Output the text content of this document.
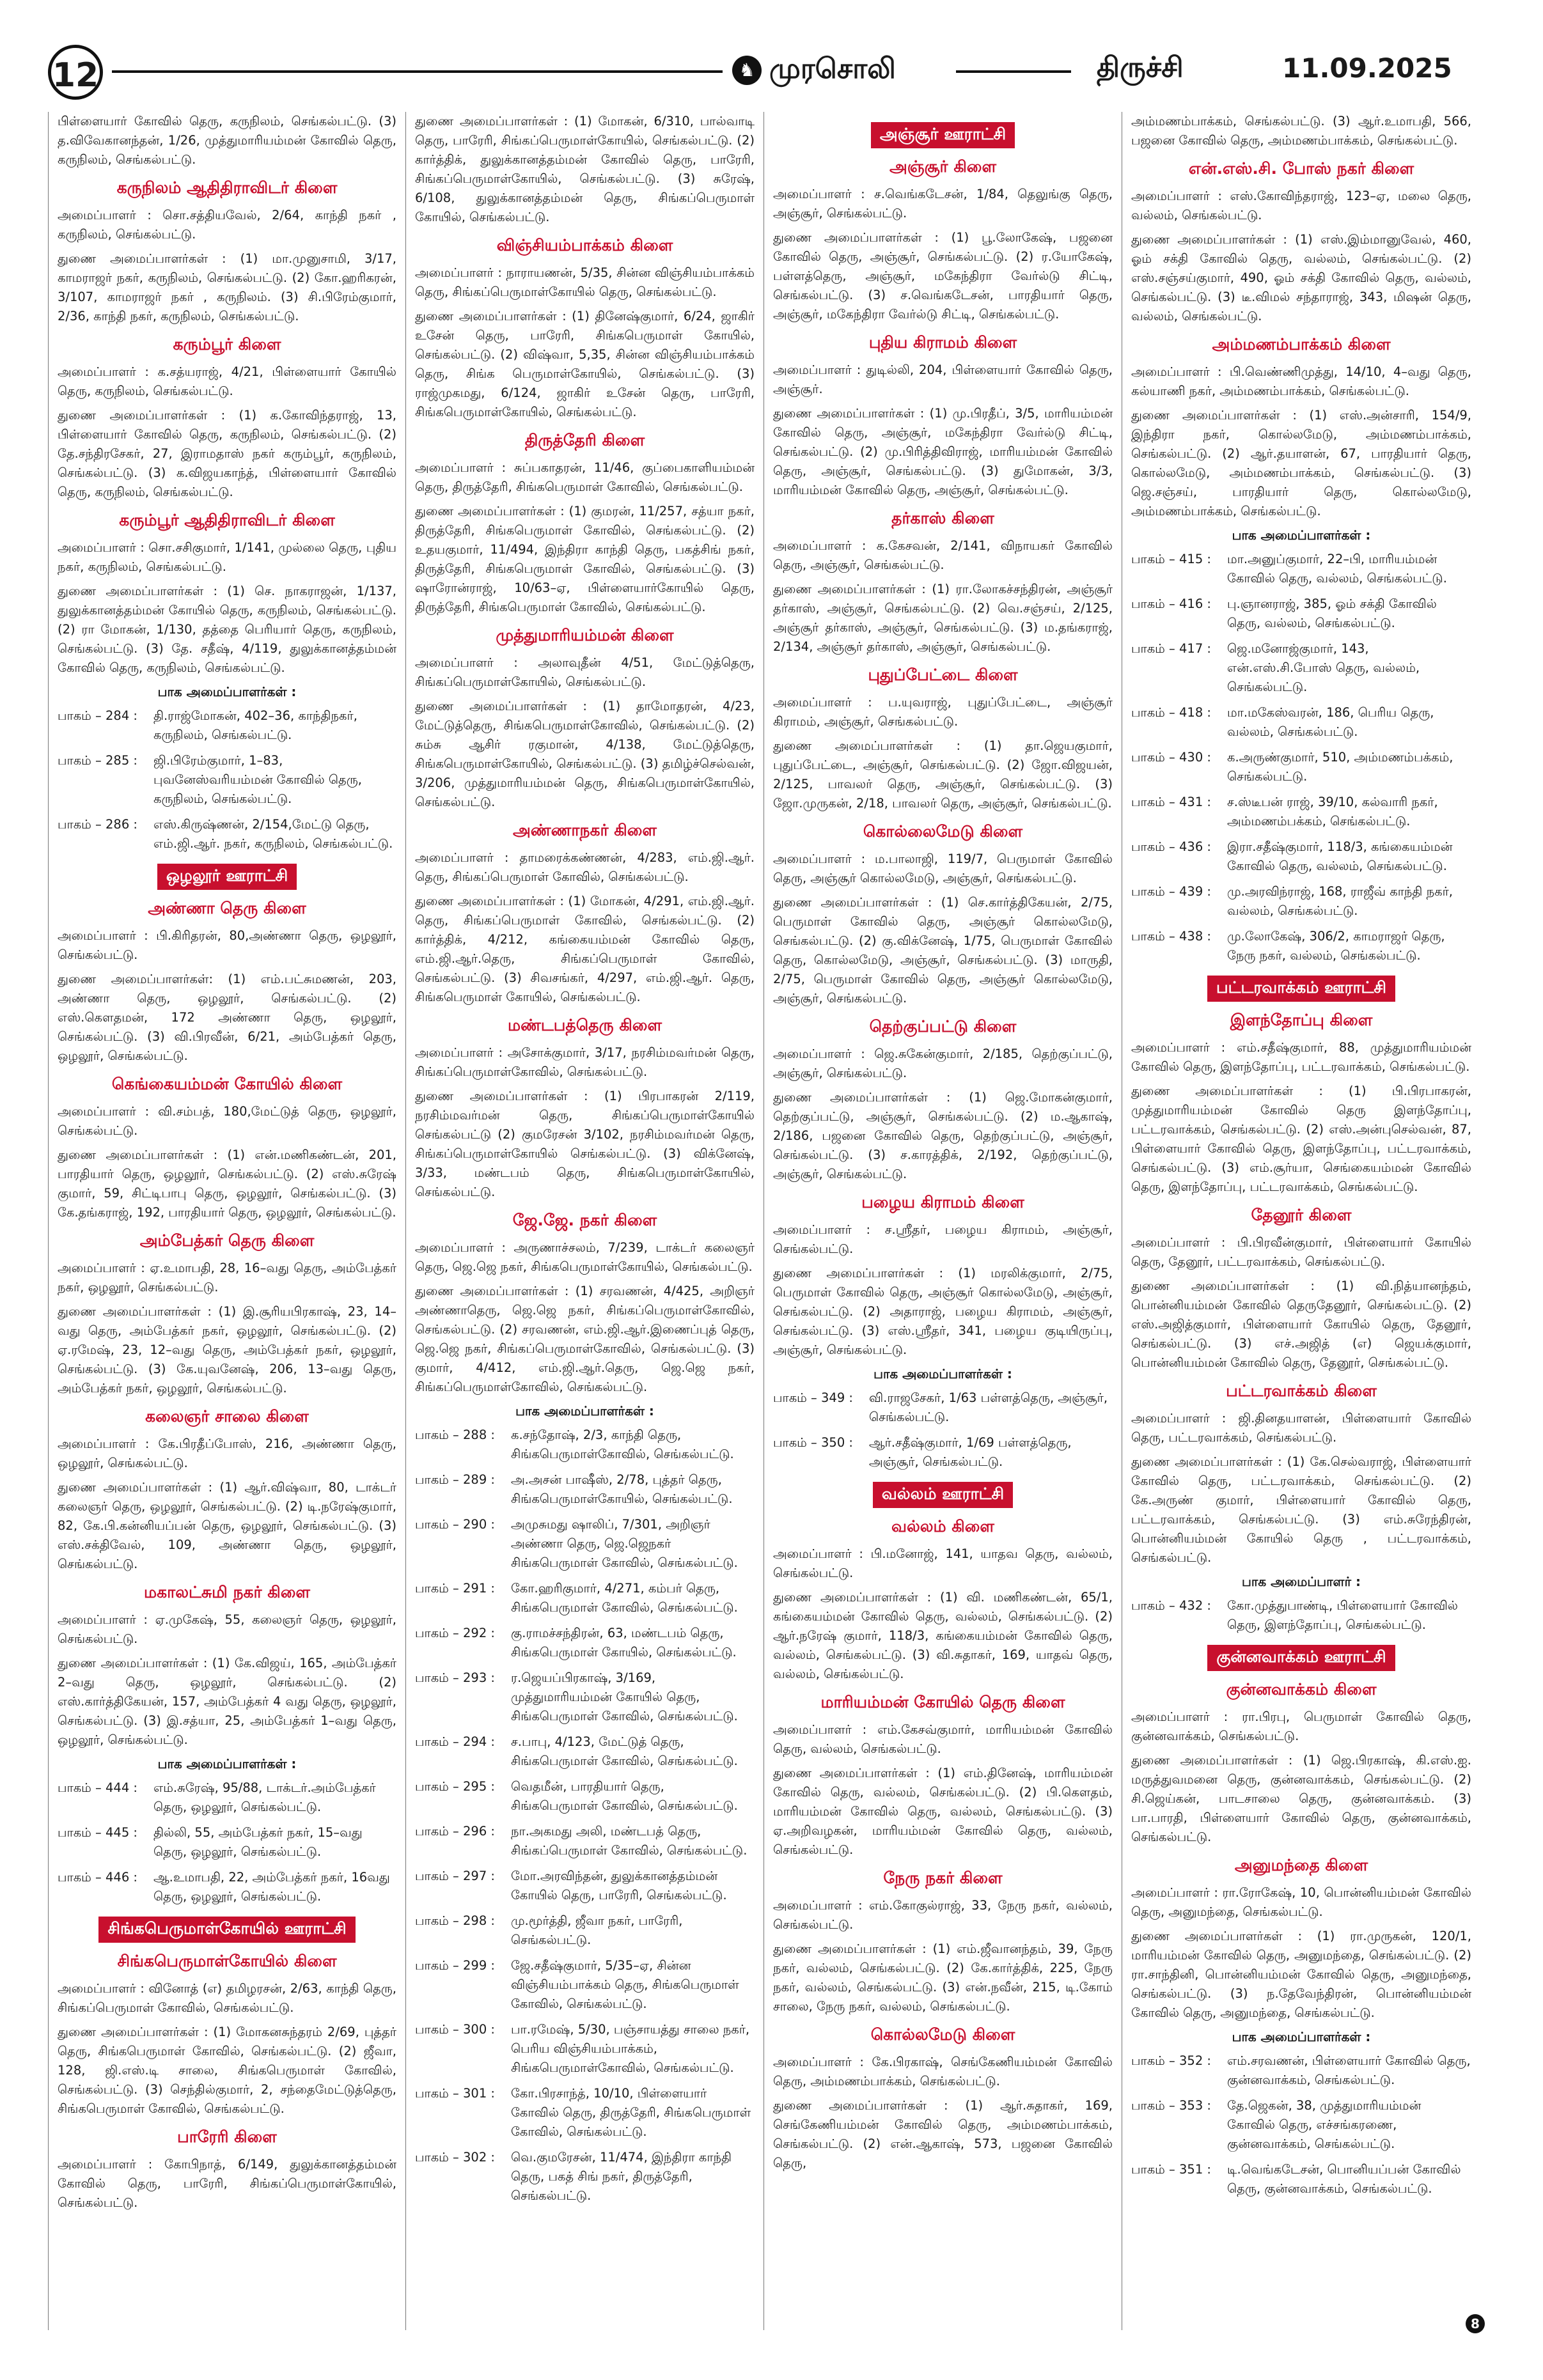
12	♞ முரசொலி	திருச்சி	11.09.2025

பிள்ளையார் கோவில் தெரு, கருநிலம், செங்கல்பட்டு. (3) த.விவேகானந்தன், 1/26, முத்துமாரியம்மன் கோவில் தெரு, கருநிலம், செங்கல்பட்டு.

கருநிலம் ஆதிதிராவிடர் கிளை

அமைப்பாளர் : சொ.சத்தியவேல், 2/64, காந்தி நகர் , கருநிலம், செங்கல்பட்டு.

துணை அமைப்பாளர்கள் : (1) மா.முனுசாமி, 3/17, காமராஜர் நகர், கருநிலம், செங்கல்பட்டு. (2) கோ.ஹரிகரன், 3/107, காமராஜர் நகர் , கருநிலம். (3) சி.பிரேம்குமார், 2/36, காந்தி நகர், கருநிலம், செங்கல்பட்டு.

கரும்பூர் கிளை

அமைப்பாளர் : க.சத்யராஜ், 4/21, பிள்ளையார் கோயில் தெரு, கருநிலம், செங்கல்பட்டு.

துணை அமைப்பாளர்கள் : (1) க.கோவிந்தராஜ், 13, பிள்ளையார் கோவில் தெரு, கருநிலம், செங்கல்பட்டு. (2) தே.சந்திரசேகர், 27, இராமதாஸ் நகர் கரும்பூர், கருநிலம், செங்கல்பட்டு. (3) க.விஜயகாந்த், பிள்ளையார் கோவில் தெரு, கருநிலம், செங்கல்பட்டு.

கரும்பூர் ஆதிதிராவிடர் கிளை

அமைப்பாளர் : சொ.சசிகுமார், 1/141, முல்லை தெரு, புதிய நகர், கருநிலம், செங்கல்பட்டு.

துணை அமைப்பாளர்கள் : (1) செ. நாகராஜன், 1/137, துலுக்கானத்தம்மன் கோயில் தெரு, கருநிலம், செங்கல்பட்டு. (2) ரா மோகன், 1/130, தத்தை பெரியார் தெரு, கருநிலம், செங்கல்பட்டு. (3) தே. சதீஷ், 4/119, துலுக்கானத்தம்மன் கோவில் தெரு, கருநிலம், செங்கல்பட்டு.

பாக அமைப்பாளர்கள் :
பாகம் – 284 :	தி.ராஜ்மோகன், 402–36, காந்திநகர், கருநிலம், செங்கல்பட்டு.
பாகம் – 285 :	ஜி.பிரேம்குமார், 1–83, புவனேஸ்வரியம்மன் கோவில் தெரு, கருநிலம், செங்கல்பட்டு.
பாகம் – 286 :	எஸ்.கிருஷ்ணன், 2/154,மேட்டு தெரு, எம்.ஜி.ஆர். நகர், கருநிலம், செங்கல்பட்டு.
ஒழலூர் ஊராட்சி
அண்ணா தெரு கிளை

அமைப்பாளர் : பி.கிரிதரன், 80,அண்ணா தெரு, ஒழலூர், செங்கல்பட்டு.

துணை அமைப்பாளர்கள்: (1) எம்.பட்சுமணன், 203, அண்ணா தெரு, ஒழலூர், செங்கல்பட்டு. (2) எஸ்.கௌதமன், 172 அண்ணா தெரு, ஒழலூர், செங்கல்பட்டு. (3) வி.பிரவீன், 6/21, அம்பேத்கர் தெரு, ஒழலூர், செங்கல்பட்டு.

கெங்கையம்மன் கோயில் கிளை

அமைப்பாளர் : வி.சம்பத், 180,மேட்டுத் தெரு, ஒழலூர், செங்கல்பட்டு.

துணை அமைப்பாளர்கள் : (1) என்.மணிகண்டன், 201, பாரதியார் தெரு, ஒழலூர், செங்கல்பட்டு. (2) எஸ்.சுரேஷ் குமார், 59, சிட்டிபாபு தெரு, ஒழலூர், செங்கல்பட்டு. (3) கே.தங்கராஜ், 192, பாரதியார் தெரு, ஒழலூர், செங்கல்பட்டு.

அம்பேத்கர் தெரு கிளை

அமைப்பாளர் : ஏ.உமாபதி, 28, 16–வது தெரு, அம்பேத்கர் நகர், ஒழலூர், செங்கல்பட்டு.

துணை அமைப்பாளர்கள் : (1) இ.சூரியபிரகாஷ், 23, 14–வது தெரு, அம்பேத்கர் நகர், ஒழலூர், செங்கல்பட்டு. (2) ஏ.ரமேஷ், 23, 12–வது தெரு, அம்பேத்கர் நகர், ஒழலூர், செங்கல்பட்டு. (3) கே.யுவனேஷ், 206, 13–வது தெரு, அம்பேத்கர் நகர், ஒழலூர், செங்கல்பட்டு.

கலைஞர் சாலை கிளை

அமைப்பாளர் : கே.பிரதீப்போஸ், 216, அண்ணா தெரு, ஒழலூர், செங்கல்பட்டு.

துணை அமைப்பாளர்கள் : (1) ஆர்.விஷ்வா, 80, டாக்டர் கலைஞர் தெரு, ஒழலூர், செங்கல்பட்டு. (2) டி.நரேஷ்குமார், 82, கே.பி.கன்னியப்பன் தெரு, ஒழலூர், செங்கல்பட்டு. (3) எஸ்.சக்திவேல், 109, அண்ணா தெரு, ஒழலூர், செங்கல்பட்டு.

மகாலட்சுமி நகர் கிளை

அமைப்பாளர் : ஏ.முகேஷ், 55, கலைஞர் தெரு, ஒழலூர், செங்கல்பட்டு.

துணை அமைப்பாளர்கள் : (1) கே.விஜய், 165, அம்பேத்கர் 2–வது தெரு, ஒழலூர், செங்கல்பட்டு. (2) எஸ்.கார்த்திகேயன், 157, அம்பேத்கர் 4 வது தெரு, ஒழலூர், செங்கல்பட்டு. (3) இ.சத்யா, 25, அம்பேத்கர் 1–வது தெரு, ஒழலூர், செங்கல்பட்டு.

பாக அமைப்பாளர்கள் :
பாகம் – 444 :	எம்.சுரேஷ், 95/88, டாக்டர்.அம்பேத்கர் தெரு, ஒழலூர், செங்கல்பட்டு.
பாகம் – 445 :	தில்லி, 55, அம்பேத்கர் நகர், 15–வது தெரு, ஒழலூர், செங்கல்பட்டு.
பாகம் – 446 :	ஆ.உமாபதி, 22, அம்பேத்கர் நகர், 16வது தெரு, ஒழலூர், செங்கல்பட்டு.
சிங்கபெருமாள்கோயில் ஊராட்சி
சிங்கபெருமாள்கோயில் கிளை

அமைப்பாளர் : வினோத் (எ) தமிழரசன், 2/63, காந்தி தெரு, சிங்கப்பெருமாள் கோவில், செங்கல்பட்டு.

துணை அமைப்பாளர்கள் : (1) மோகனசுந்தரம் 2/69, புத்தர் தெரு, சிங்கபெருமாள் கோவில், செங்கல்பட்டு. (2) ஜீவா, 128, ஜி.எஸ்.டி சாலை, சிங்கபெருமாள் கோவில், செங்கல்பட்டு. (3) செந்தில்குமார், 2, சந்தைமேட்டுத்தெரு, சிங்கபெருமாள் கோவில், செங்கல்பட்டு.

பாரேரி கிளை

அமைப்பாளர் : கோபிநாத், 6/149, துலுக்கானத்தம்மன் கோவில் தெரு, பாரேரி, சிங்கப்பெருமாள்கோயில், செங்கல்பட்டு.

துணை அமைப்பாளர்கள் : (1) மோகன், 6/310, பால்வாடி தெரு, பாரேரி, சிங்கப்பெருமாள்கோயில், செங்கல்பட்டு. (2) கார்த்திக், துலுக்கானத்தம்மன் கோவில் தெரு, பாரேரி, சிங்கப்பெருமாள்கோயில், செங்கல்பட்டு. (3) சுரேஷ், 6/108, துலுக்கானத்தம்மன் தெரு, சிங்கப்பெருமாள் கோயில், செங்கல்பட்டு.

விஞ்சியம்பாக்கம் கிளை

அமைப்பாளர் : நாராயணன், 5/35, சின்ன விஞ்சியம்பாக்கம் தெரு, சிங்கப்பெருமாள்கோயில் தெரு, செங்கல்பட்டு.

துணை அமைப்பாளர்கள் : (1) தினேஷ்குமார், 6/24, ஜாகிர் உசேன் தெரு, பாரேரி, சிங்கபெருமாள் கோயில், செங்கல்பட்டு. (2) விஷ்வா, 5,35, சின்ன விஞ்சியம்பாக்கம் தெரு, சிங்க பெருமாள்கோயில், செங்கல்பட்டு. (3) ராஜ்முகமது, 6/124, ஜாகிர் உசேன் தெரு, பாரேரி, சிங்கபெருமாள்கோயில், செங்கல்பட்டு.

திருத்தேரி கிளை

அமைப்பாளர் : சுப்பகாதரன், 11/46, குப்பைகாளியம்மன் தெரு, திருத்தேரி, சிங்கபெருமாள் கோவில், செங்கல்பட்டு.

துணை அமைப்பாளர்கள் : (1) குமரன், 11/257, சத்யா நகர், திருத்தேரி, சிங்கபெருமாள் கோவில், செங்கல்பட்டு. (2) உதயகுமார், 11/494, இந்திரா காந்தி தெரு, பகத்சிங் நகர், திருத்தேரி, சிங்கபெருமாள் கோவில், செங்கல்பட்டு. (3) ஷாரோன்ராஜ், 10/63–ஏ, பிள்ளையார்கோயில் தெரு, திருத்தேரி, சிங்கபெருமாள் கோவில், செங்கல்பட்டு.

முத்துமாரியம்மன் கிளை

அமைப்பாளர் : அலாவுதீன் 4/51, மேட்டுத்தெரு, சிங்கப்பெருமாள்கோயில், செங்கல்பட்டு.

துணை அமைப்பாளர்கள் : (1) தாமோதரன், 4/23, மேட்டுத்தெரு, சிங்கபெருமாள்கோவில், செங்கல்பட்டு. (2) சும்சு ஆசிர் ரகுமான், 4/138, மேட்டுத்தெரு, சிங்கபெருமாள்கோயில், செங்கல்பட்டு. (3) தமிழ்ச்செல்வன், 3/206, முத்துமாரியம்மன் தெரு, சிங்கபெருமாள்கோயில், செங்கல்பட்டு.

அண்ணாநகர் கிளை

அமைப்பாளர் : தாமரைக்கண்ணன், 4/283, எம்.ஜி.ஆர். தெரு, சிங்கப்பெருமாள் கோவில், செங்கல்பட்டு.

துணை அமைப்பாளர்கள் : (1) மோகன், 4/291, எம்.ஜி.ஆர். தெரு, சிங்கப்பெருமாள் கோவில், செங்கல்பட்டு. (2) கார்த்திக், 4/212, கங்கையம்மன் கோவில் தெரு, எம்.ஜி.ஆர்.தெரு, சிங்கப்பெருமாள் கோவில், செங்கல்பட்டு. (3) சிவசங்கர், 4/297, எம்.ஜி.ஆர். தெரு, சிங்கபெருமாள் கோயில், செங்கல்பட்டு.

மண்டபத்தெரு கிளை

அமைப்பாளர் : அசோக்குமார், 3/17, நரசிம்மவர்மன் தெரு, சிங்கப்பெருமாள்கோவில், செங்கல்பட்டு.

துணை அமைப்பாளர்கள் : (1) பிரபாகரன் 2/119, நரசிம்மவர்மன் தெரு, சிங்கப்பெருமாள்கோயில் செங்கல்பட்டு (2) குமரேசன் 3/102, நரசிம்மவர்மன் தெரு, சிங்கப்பெருமாள்கோயில் செங்கல்பட்டு. (3) விக்னேஷ், 3/33, மண்டபம் தெரு, சிங்கபெருமாள்கோயில், செங்கல்பட்டு.

ஜே.ஜே. நகர் கிளை

அமைப்பாளர் : அருணாச்சலம், 7/239, டாக்டர் கலைஞர் தெரு, ஜெ.ஜெ நகர், சிங்கபெருமாள்கோயில், செங்கல்பட்டு.

துணை அமைப்பாளர்கள் : (1) சரவணன், 4/425, அறிஞர் அண்ணாதெரு, ஜெ.ஜெ நகர், சிங்கப்பெருமாள்கோவில், செங்கல்பட்டு. (2) சரவணன், எம்.ஜி.ஆர்.இணைப்புத் தெரு, ஜெ.ஜெ நகர், சிங்கப்பெருமாள்கோவில், செங்கல்பட்டு. (3) குமார், 4/412, எம்.ஜி.ஆர்.தெரு, ஜெ.ஜெ நகர், சிங்கப்பெருமாள்கோவில், செங்கல்பட்டு.

பாக அமைப்பாளர்கள் :
பாகம் – 288 :	க.சந்தோஷ், 2/3, காந்தி தெரு, சிங்கபெருமாள்கோவில், செங்கல்பட்டு.
பாகம் – 289 :	அ.அசன் பாஷீஸ், 2/78, புத்தர் தெரு, சிங்கபெருமாள்கோயில், செங்கல்பட்டு.
பாகம் – 290 :	அமுசுமது ஷாலிப், 7/301, அறிஞர் அண்ணா தெரு, ஜெ.ஜெநகர் சிங்கபெருமாள் கோவில், செங்கல்பட்டு.
பாகம் – 291 :	கோ.ஹரிகுமார், 4/271, கம்பர் தெரு, சிங்கபெருமாள் கோவில், செங்கல்பட்டு.
பாகம் – 292 :	கு.ராமச்சந்திரன், 63, மண்டபம் தெரு, சிங்கபெருமாள் கோயில், செங்கல்பட்டு.
பாகம் – 293 :	ர.ஜெயப்பிரகாஷ், 3/169, முத்துமாரியம்மன் கோயில் தெரு, சிங்கபெருமாள் கோவில், செங்கல்பட்டு.
பாகம் – 294 :	ச.பாபு, 4/123, மேட்டுத் தெரு, சிங்கபெருமாள் கோவில், செங்கல்பட்டு.
பாகம் – 295 :	வெதமீன், பாரதியார் தெரு, சிங்கபெருமாள் கோவில், செங்கல்பட்டு.
பாகம் – 296 :	நா.அகமது அலி, மண்டபத் தெரு, சிங்கப்பெருமாள் கோவில், செங்கல்பட்டு.
பாகம் – 297 :	மோ.அரவிந்தன், துலுக்கானத்தம்மன் கோயில் தெரு, பாரேரி, செங்கல்பட்டு.
பாகம் – 298 :	மு.மூர்த்தி, ஜீவா நகர், பாரேரி, செங்கல்பட்டு.
பாகம் – 299 :	ஜே.சதீஷ்குமார், 5/35–ஏ, சின்ன விஞ்சியம்பாக்கம் தெரு, சிங்கபெருமாள் கோவில், செங்கல்பட்டு.
பாகம் – 300 :	பா.ரமேஷ், 5/30, பஞ்சாயத்து சாலை நகர், பெரிய விஞ்சியம்பாக்கம், சிங்கபெருமாள்கோவில், செங்கல்பட்டு.
பாகம் – 301 :	கோ.பிரசாந்த், 10/10, பிள்ளையார் கோவில் தெரு, திருத்தேரி, சிங்கபெருமாள் கோவில், செங்கல்பட்டு.
பாகம் – 302 :	வெ.குமரேசன், 11/474, இந்திரா காந்தி தெரு, பகத் சிங் நகர், திருத்தேரி, செங்கல்பட்டு.
அஞ்சூர் ஊராட்சி
அஞ்சூர் கிளை

அமைப்பாளர் : ச.வெங்கடேசன், 1/84, தெலுங்கு தெரு, அஞ்சூர், செங்கல்பட்டு.

துணை அமைப்பாளர்கள் : (1) பூ.லோகேஷ், பஜனை கோவில் தெரு, அஞ்சூர், செங்கல்பட்டு. (2) ர.யோகேஷ், பள்ளத்தெரு, அஞ்சூர், மகேந்திரா வேர்ல்டு சிட்டி, செங்கல்பட்டு. (3) ச.வெங்கடேசன், பாரதியார் தெரு, அஞ்சூர், மகேந்திரா வேர்ல்டு சிட்டி, செங்கல்பட்டு.

புதிய கிராமம் கிளை

அமைப்பாளர் : துடில்லி, 204, பிள்ளையார் கோவில் தெரு, அஞ்சூர்.

துணை அமைப்பாளர்கள் : (1) மு.பிரதீப், 3/5, மாரியம்மன் கோவில் தெரு, அஞ்சூர், மகேந்திரா வேர்ல்டு சிட்டி, செங்கல்பட்டு. (2) மு.பிரித்திவிராஜ், மாரியம்மன் கோவில் தெரு, அஞ்சூர், செங்கல்பட்டு. (3) துமோகன், 3/3, மாரியம்மன் கோவில் தெரு, அஞ்சூர், செங்கல்பட்டு.

தர்காஸ் கிளை

அமைப்பாளர் : க.கேசவன், 2/141, விநாயகர் கோவில் தெரு, அஞ்சூர், செங்கல்பட்டு.

துணை அமைப்பாளர்கள் : (1) ரா.லோகச்சந்திரன், அஞ்சூர் தர்காஸ், அஞ்சூர், செங்கல்பட்டு. (2) வெ.சஞ்சய், 2/125, அஞ்சூர் தர்காஸ், அஞ்சூர், செங்கல்பட்டு. (3) ம.தங்கராஜ், 2/134, அஞ்சூர் தர்காஸ், அஞ்சூர், செங்கல்பட்டு.

புதுப்பேட்டை கிளை

அமைப்பாளர் : ப.யுவராஜ், புதுப்பேட்டை, அஞ்சூர் கிராமம், அஞ்சூர், செங்கல்பட்டு.

துணை அமைப்பாளர்கள் : (1) தா.ஜெயகுமார், புதுப்பேட்டை, அஞ்சூர், செங்கல்பட்டு. (2) ஜோ.விஜயன், 2/125, பாவலர் தெரு, அஞ்சூர், செங்கல்பட்டு. (3) ஜோ.முருகன், 2/18, பாவலர் தெரு, அஞ்சூர், செங்கல்பட்டு.

கொல்லைமேடு கிளை

அமைப்பாளர் : ம.பாலாஜி, 119/7, பெருமாள் கோவில் தெரு, அஞ்சூர் கொல்லமேடு, அஞ்சூர், செங்கல்பட்டு.

துணை அமைப்பாளர்கள் : (1) செ.கார்த்திகேயன், 2/75, பெருமாள் கோவில் தெரு, அஞ்சூர் கொல்லமேடு, செங்கல்பட்டு. (2) கு.விக்னேஷ், 1/75, பெருமாள் கோவில் தெரு, கொல்லமேடு, அஞ்சூர், செங்கல்பட்டு. (3) மாருதி, 2/75, பெருமாள் கோவில் தெரு, அஞ்சூர் கொல்லமேடு, அஞ்சூர், செங்கல்பட்டு.

தெற்குப்பட்டு கிளை

அமைப்பாளர் : ஜெ.சுகேன்குமார், 2/185, தெற்குப்பட்டு, அஞ்சூர், செங்கல்பட்டு.

துணை அமைப்பாளர்கள் : (1) ஜெ.மோகன்குமார், தெற்குப்பட்டு, அஞ்சூர், செங்கல்பட்டு. (2) ம.ஆகாஷ், 2/186, பஜனை கோவில் தெரு, தெற்குப்பட்டு, அஞ்சூர், செங்கல்பட்டு. (3) ச.காரத்திக், 2/192, தெற்குப்பட்டு, அஞ்சூர், செங்கல்பட்டு.

பழைய கிராமம் கிளை

அமைப்பாளர் : ச.ஸ்ரீதர், பழைய கிராமம், அஞ்சூர், செங்கல்பட்டு.

துணை அமைப்பாளர்கள் : (1) மரலிக்குமார், 2/75, பெருமாள் கோவில் தெரு, அஞ்சூர் கொல்லமேடு, அஞ்சூர், செங்கல்பட்டு. (2) அதாராஜ், பழைய கிராமம், அஞ்சூர், செங்கல்பட்டு. (3) எஸ்.ஸ்ரீதர், 341, பழைய குடியிருப்பு, அஞ்சூர், செங்கல்பட்டு.

பாக அமைப்பாளர்கள் :
பாகம் – 349 :	வி.ராஜசேகர், 1/63 பள்ளத்தெரு, அஞ்சூர், செங்கல்பட்டு.
பாகம் – 350 :	ஆர்.சதீஷ்குமார், 1/69 பள்ளத்தெரு, அஞ்சூர், செங்கல்பட்டு.
வல்லம் ஊராட்சி
வல்லம் கிளை

அமைப்பாளர் : பி.மனோஜ், 141, யாதவ தெரு, வல்லம், செங்கல்பட்டு.

துணை அமைப்பாளர்கள் : (1) வி. மணிகண்டன், 65/1, கங்கையம்மன் கோவில் தெரு, வல்லம், செங்கல்பட்டு. (2) ஆர்.நரேஷ் குமார், 118/3, கங்கையம்மன் கோவில் தெரு, வல்லம், செங்கல்பட்டு. (3) வி.சுதாகர், 169, யாதவ் தெரு, வல்லம், செங்கல்பட்டு.

மாரியம்மன் கோயில் தெரு கிளை

அமைப்பாளர் : எம்.கேசவ்குமார், மாரியம்மன் கோவில் தெரு, வல்லம், செங்கல்பட்டு.

துணை அமைப்பாளர்கள் : (1) எம்.தினேஷ், மாரியம்மன் கோவில் தெரு, வல்லம், செங்கல்பட்டு. (2) பி.கௌதம், மாரியம்மன் கோவில் தெரு, வல்லம், செங்கல்பட்டு. (3) ஏ.அறிவழகன், மாரியம்மன் கோவில் தெரு, வல்லம், செங்கல்பட்டு.

நேரு நகர் கிளை

அமைப்பாளர் : எம்.கோகுல்ராஜ், 33, நேரு நகர், வல்லம், செங்கல்பட்டு.

துணை அமைப்பாளர்கள் : (1) எம்.ஜீவானந்தம், 39, நேரு நகர், வல்லம், செங்கல்பட்டு. (2) கே.கார்த்திக், 225, நேரு நகர், வல்லம், செங்கல்பட்டு. (3) என்.நவீன், 215, டி.கோம் சாலை, நேரு நகர், வல்லம், செங்கல்பட்டு.

கொல்லமேடு கிளை

அமைப்பாளர் : கே.பிரகாஷ், செங்கேணியம்மன் கோவில் தெரு, அம்மணம்பாக்கம், செங்கல்பட்டு.

துணை அமைப்பாளர்கள் : (1) ஆர்.சுதாகர், 169, செங்கேணியம்மன் கோவில் தெரு, அம்மணம்பாக்கம், செங்கல்பட்டு. (2) என்.ஆகாஷ், 573, பஜனை கோவில் தெரு,

அம்மணம்பாக்கம், செங்கல்பட்டு. (3) ஆர்.உமாபதி, 566, பஜனை கோவில் தெரு, அம்மணம்பாக்கம், செங்கல்பட்டு.

என்.எஸ்.சி. போஸ் நகர் கிளை

அமைப்பாளர் : எஸ்.கோவிந்தராஜ், 123–ஏ, மலை தெரு, வல்லம், செங்கல்பட்டு.

துணை அமைப்பாளர்கள் : (1) எஸ்.இம்மானுவேல், 460, ஓம் சக்தி கோவில் தெரு, வல்லம், செங்கல்பட்டு. (2) எஸ்.சஞ்சய்குமார், 490, ஓம் சக்தி கோவில் தெரு, வல்லம், செங்கல்பட்டு. (3) டீ.விமல் சந்தாராஜ், 343, மிஷன் தெரு, வல்லம், செங்கல்பட்டு.

அம்மணம்பாக்கம் கிளை

அமைப்பாளர் : பி.வெண்ணிமுத்து, 14/10, 4–வது தெரு, கல்யாணி நகர், அம்மணம்பாக்கம், செங்கல்பட்டு.

துணை அமைப்பாளர்கள் : (1) எஸ்.அன்சாரி, 154/9, இந்திரா நகர், கொல்லமேடு, அம்மணம்பாக்கம், செங்கல்பட்டு. (2) ஆர்.தயாளன், 67, பாரதியார் தெரு, கொல்லமேடு, அம்மணம்பாக்கம், செங்கல்பட்டு. (3) ஜெ.சஞ்சய், பாரதியார் தெரு, கொல்லமேடு, அம்மணம்பாக்கம், செங்கல்பட்டு.

பாக அமைப்பாளர்கள் :
பாகம் – 415 :	மா.அனுப்குமார், 22–பி, மாரியம்மன் கோவில் தெரு, வல்லம், செங்கல்பட்டு.
பாகம் – 416 :	பு.ஞானராஜ், 385, ஓம் சக்தி கோவில் தெரு, வல்லம், செங்கல்பட்டு.
பாகம் – 417 :	ஜெ.மனோஜ்குமார், 143, என்.எஸ்.சி.போஸ் தெரு, வல்லம், செங்கல்பட்டு.
பாகம் – 418 :	மா.மகேஸ்வரன், 186, பெரிய தெரு, வல்லம், செங்கல்பட்டு.
பாகம் – 430 :	க.அருண்குமார், 510, அம்மணம்பக்கம், செங்கல்பட்டு.
பாகம் – 431 :	ச.ஸ்டீபன் ராஜ், 39/10, கல்வாரி நகர், அம்மணம்பக்கம், செங்கல்பட்டு.
பாகம் – 436 :	இரா.சதீஷ்குமார், 118/3, கங்கையம்மன் கோவில் தெரு, வல்லம், செங்கல்பட்டு.
பாகம் – 439 :	மு.அரவிந்ராஜ், 168, ராஜீவ் காந்தி நகர், வல்லம், செங்கல்பட்டு.
பாகம் – 438 :	மு.லோகேஷ், 306/2, காமராஜர் தெரு, நேரு நகர், வல்லம், செங்கல்பட்டு.
பட்டரவாக்கம் ஊராட்சி
இளந்தோப்பு கிளை

அமைப்பாளர் : எம்.சதீஷ்குமார், 88, முத்துமாரியம்மன் கோவில் தெரு, இளந்தோப்பு, பட்டரவாக்கம், செங்கல்பட்டு.

துணை அமைப்பாளர்கள் : (1) பி.பிரபாகரன், முத்துமாரியம்மன் கோவில் தெரு இளந்தோப்பு, பட்டரவாக்கம், செங்கல்பட்டு. (2) எஸ்.அன்புசெல்வன், 87, பிள்ளையார் கோவில் தெரு, இளந்தோப்பு, பட்டரவாக்கம், செங்கல்பட்டு. (3) எம்.சூர்யா, செங்கையம்மன் கோவில் தெரு, இளந்தோப்பு, பட்டரவாக்கம், செங்கல்பட்டு.

தேனூர் கிளை

அமைப்பாளர் : பி.பிரவீன்குமார், பிள்ளையார் கோயில் தெரு, தேனூர், பட்டரவாக்கம், செங்கல்பட்டு.

துணை அமைப்பாளர்கள் : (1) வி.நித்யானந்தம், பொன்னியம்மன் கோவில் தெருதேனூர், செங்கல்பட்டு. (2) எஸ்.அஜித்குமார், பிள்ளையார் கோயில் தெரு, தேனூர், செங்கல்பட்டு. (3) எச்.அஜித் (எ) ஜெயக்குமார், பொன்னியம்மன் கோவில் தெரு, தேனூர், செங்கல்பட்டு.

பட்டரவாக்கம் கிளை

அமைப்பாளர் : ஜி.தினதயாளன், பிள்ளையார் கோவில் தெரு, பட்டரவாக்கம், செங்கல்பட்டு.

துணை அமைப்பாளர்கள் : (1) கே.செல்வராஜ், பிள்ளையார் கோவில் தெரு, பட்டரவாக்கம், செங்கல்பட்டு. (2) கே.அருண் குமார், பிள்ளையார் கோவில் தெரு, பட்டரவாக்கம், செங்கல்பட்டு. (3) எம்.சுரேந்திரன், பொன்னியம்மன் கோயில் தெரு , பட்டரவாக்கம், செங்கல்பட்டு.

பாக அமைப்பாளர் :
பாகம் – 432 :	கோ.முத்துபாண்டி, பிள்ளையார் கோவில் தெரு, இளந்தோப்பு, செங்கல்பட்டு.
குன்னவாக்கம் ஊராட்சி
குன்னவாக்கம் கிளை

அமைப்பாளர் : ரா.பிரபு, பெருமாள் கோவில் தெரு, குன்னவாக்கம், செங்கல்பட்டு.

துணை அமைப்பாளர்கள் : (1) ஜெ.பிரகாஷ், கி.எஸ்.ஐ. மருத்துவமனை தெரு, குன்னவாக்கம், செங்கல்பட்டு. (2) சி.ஜெய்கன், பாடசாலை தெரு, குன்னவாக்கம். (3) பா.பாரதி, பிள்ளையார் கோவில் தெரு, குன்னவாக்கம், செங்கல்பட்டு.

அனுமந்தை கிளை

அமைப்பாளர் : ரா.ரோகேஷ், 10, பொன்னியம்மன் கோவில் தெரு, அனுமந்தை, செங்கல்பட்டு.

துணை அமைப்பாளர்கள் : (1) ரா.முருகன், 120/1, மாரியம்மன் கோவில் தெரு, அனுமந்தை, செங்கல்பட்டு. (2) ரா.சாந்தினி, பொன்னியம்மன் கோவில் தெரு, அனுமந்தை, செங்கல்பட்டு. (3) ந.தேவேந்திரன், பொன்னியம்மன் கோவில் தெரு, அனுமந்தை, செங்கல்பட்டு.

பாக அமைப்பாளர்கள் :
பாகம் – 352 :	எம்.சரவணன், பிள்ளையார் கோவில் தெரு, குன்னவாக்கம், செங்கல்பட்டு.
பாகம் – 353 :	தே.ஜெகன், 38, முத்துமாரியம்மன் கோவில் தெரு, எச்சங்கரணை, குன்னவாக்கம், செங்கல்பட்டு.
பாகம் – 351 :	டி.வெங்கடேசன், பொனியப்பன் கோவில் தெரு, குன்னவாக்கம், செங்கல்பட்டு.
8
